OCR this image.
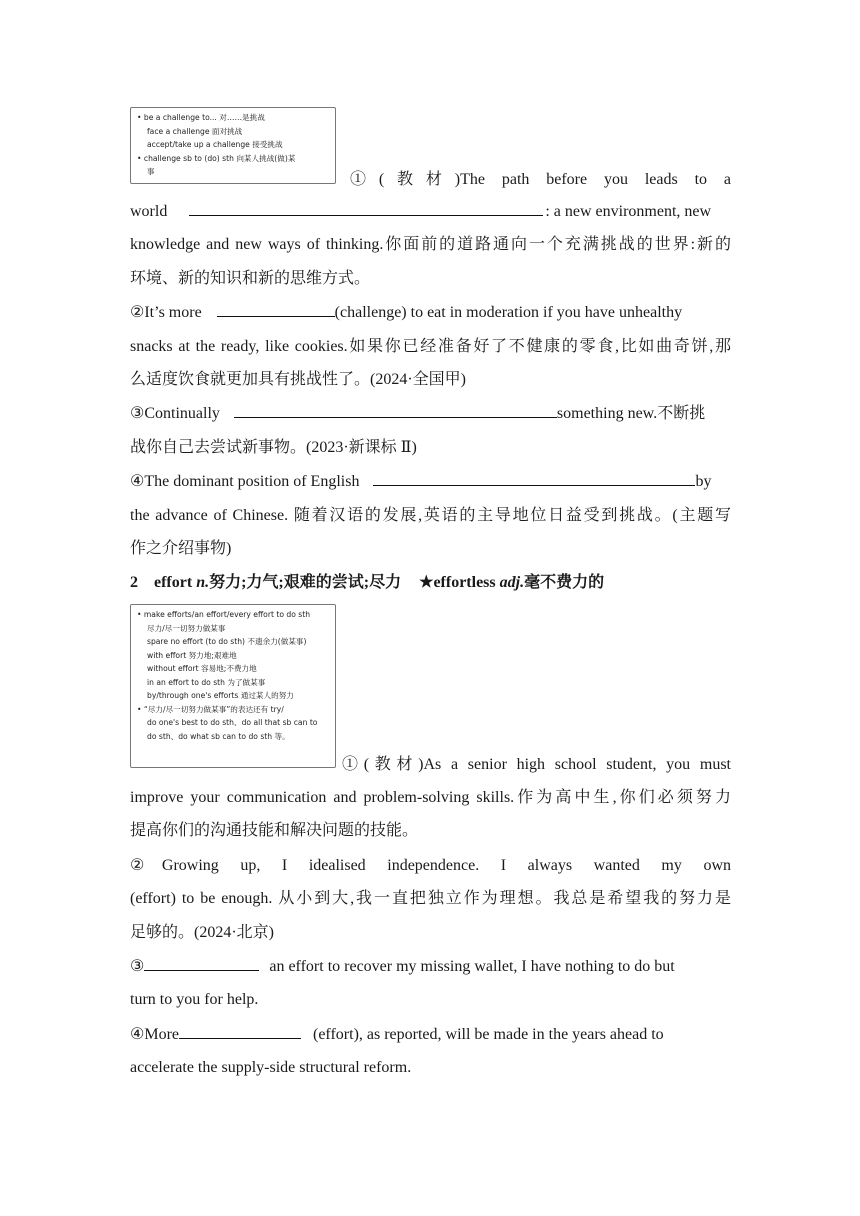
• be a challenge to... 对……是挑战
face a challenge 面对挑战
accept/take up a challenge 接受挑战
• challenge sb to (do) sth 向某人挑战(做)某
事	①(教材)The path before you leads to a
world	: a new environment, new
knowledge and new ways of thinking.你面前的道路通向一个充满挑战的世界:新的
环境、新的知识和新的思维方式。
②It’s more	(challenge) to eat in moderation if you have unhealthy
snacks at the ready, like cookies.如果你已经准备好了不健康的零食,比如曲奇饼,那
么适度饮食就更加具有挑战性了。(2024·全国甲)
③Continually	something new.不断挑
战你自己去尝试新事物。(2023·新课标 Ⅱ)
④The dominant position of English	by
the advance of Chinese. 随着汉语的发展,英语的主导地位日益受到挑战。(主题写
作之介绍事物)
2 effort n.努力;力气;艰难的尝试;尽力 ★effortless adj.毫不费力的
• make efforts/an effort/every effort to do sth
尽力/尽一切努力做某事
spare no effort (to do sth) 不遗余力(做某事)
with effort 努力地;艰难地
without effort 容易地;不费力地
in an effort to do sth 为了做某事
by/through one's efforts 通过某人的努力
• “尽力/尽一切努力做某事”的表达还有 try/
do one's best to do sth、do all that sb can to
do sth、do what sb can to do sth 等。
①(教材)As a senior high school student, you must
improve your communication and problem-solving skills.作为高中生,你们必须努力
提高你们的沟通技能和解决问题的技能。
②Growing up, I idealised independence. I always wanted my own
(effort) to be enough. 从小到大,我一直把独立作为理想。我总是希望我的努力是
足够的。(2024·北京)
③	an effort to recover my missing wallet, I have nothing to do but
turn to you for help.
④More	(effort), as reported, will be made in the years ahead to
accelerate the supply-side structural reform.
